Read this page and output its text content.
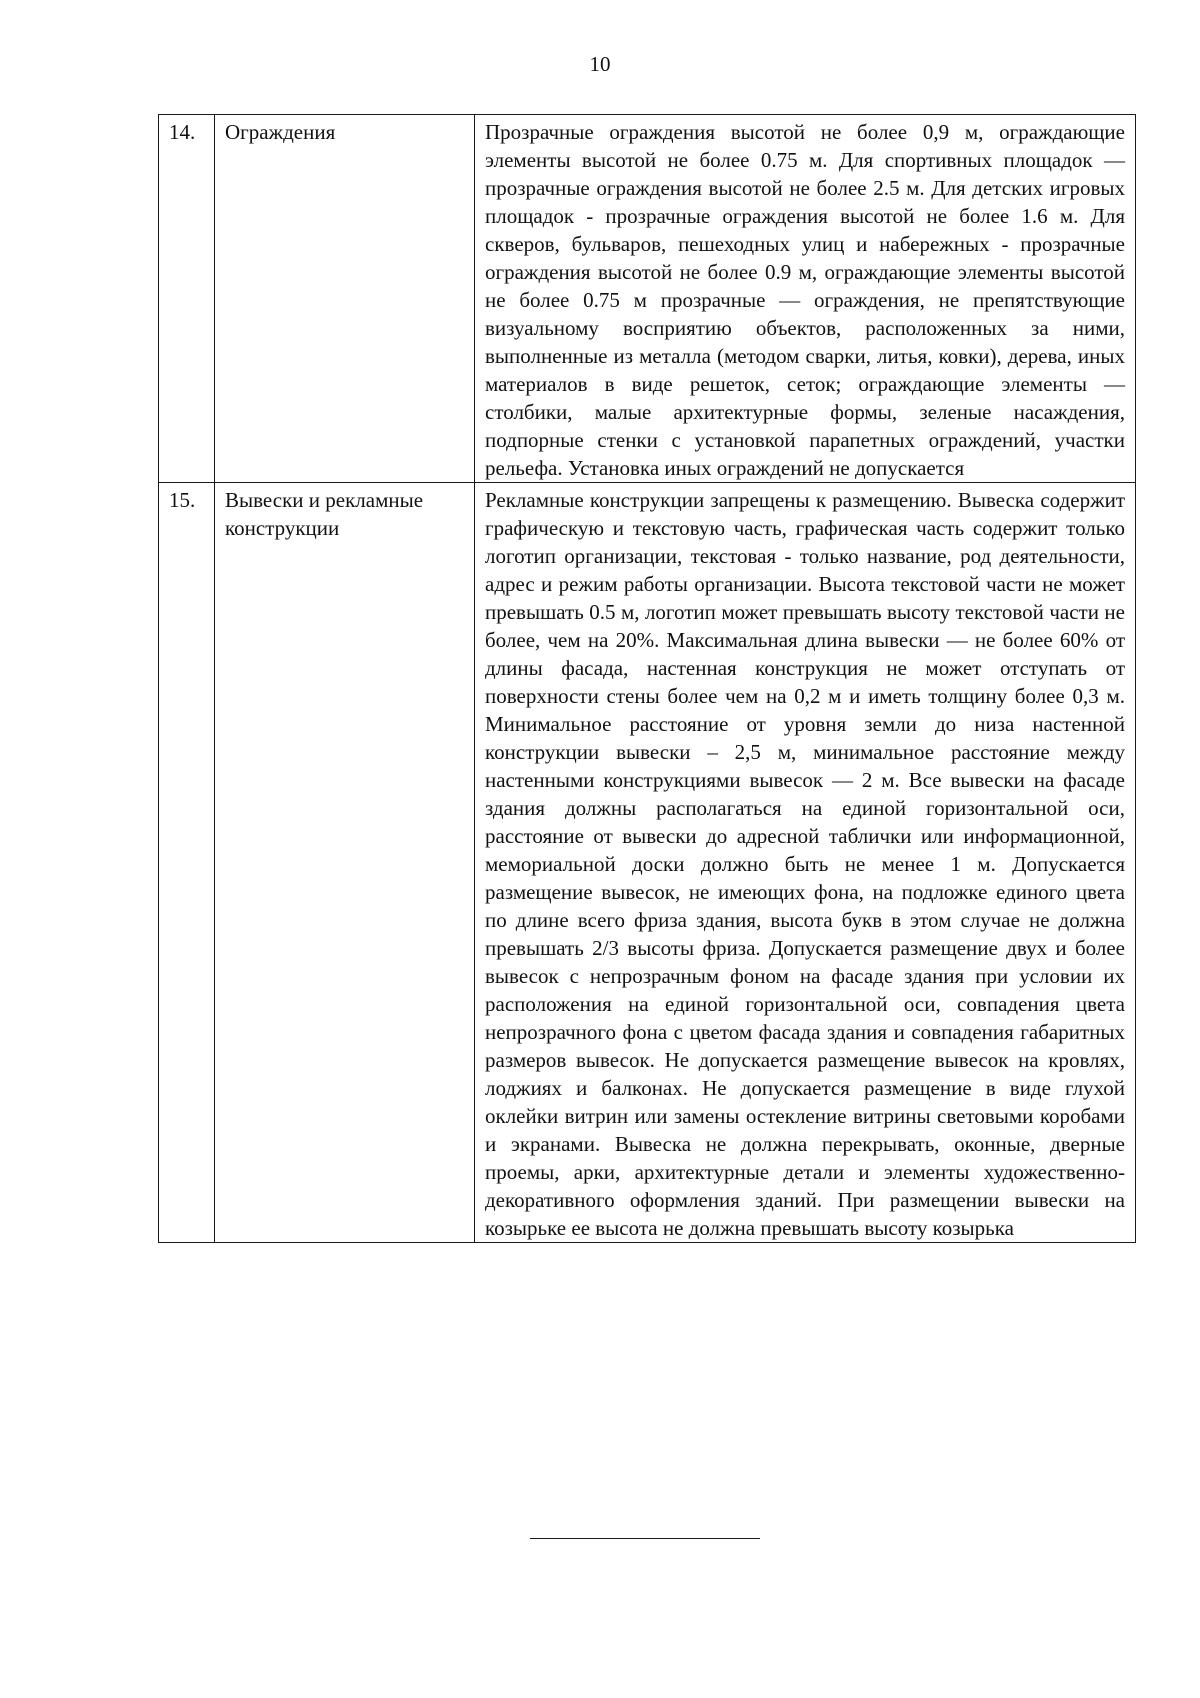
10
14.	Ограждения	Прозрачные ограждения высотой не более 0,9 м, ограждающие элементы высотой не более 0.75 м. Для спортивных площадок — прозрачные ограждения высотой не более 2.5 м. Для детских игровых площадок - прозрачные ограждения высотой не более 1.6 м. Для скверов, бульваров, пешеходных улиц и набережных - прозрачные ограждения высотой не более 0.9 м, ограждающие элементы высотой не более 0.75 м прозрачные — ограждения, не препятствующие визуальному восприятию объектов, расположенных за ними, выполненные из металла (методом сварки, литья, ковки), дерева, иных материалов в виде решеток, сеток; ограждающие элементы — столбики, малые архитектурные формы, зеленые насаждения, подпорные стенки с установкой парапетных ограждений, участки рельефа. Установка иных ограждений не допускается
15.	Вывески и рекламные конструкции	Рекламные конструкции запрещены к размещению. Вывеска содержит графическую и текстовую часть, графическая часть содержит только логотип организации, текстовая - только название, род деятельности, адрес и режим работы организации. Высота текстовой части не может превышать 0.5 м, логотип может превышать высоту текстовой части не более, чем на 20%. Максимальная длина вывески — не более 60% от длины фасада, настенная конструкция не может отступать от поверхности стены более чем на 0,2 м и иметь толщину более 0,3 м. Минимальное расстояние от уровня земли до низа настенной конструкции вывески – 2,5 м, минимальное расстояние между настенными конструкциями вывесок — 2 м. Все вывески на фасаде здания должны располагаться на единой горизонтальной оси, расстояние от вывески до адресной таблички или информационной, мемориальной доски должно быть не менее 1 м. Допускается размещение вывесок, не имеющих фона, на подложке единого цвета по длине всего фриза здания, высота букв в этом случае не должна превышать 2/3 высоты фриза. Допускается размещение двух и более вывесок с непрозрачным фоном на фасаде здания при условии их расположения на единой горизонтальной оси, совпадения цвета непрозрачного фона с цветом фасада здания и совпадения габаритных размеров вывесок. Не допускается размещение вывесок на кровлях, лоджиях и балконах. Не допускается размещение в виде глухой оклейки витрин или замены остекление витрины световыми коробами и экранами. Вывеска не должна перекрывать, оконные, дверные проемы, арки, архитектурные детали и элементы художественно-декоративного оформления зданий. При размещении вывески на козырьке ее высота не должна превышать высоту козырька
